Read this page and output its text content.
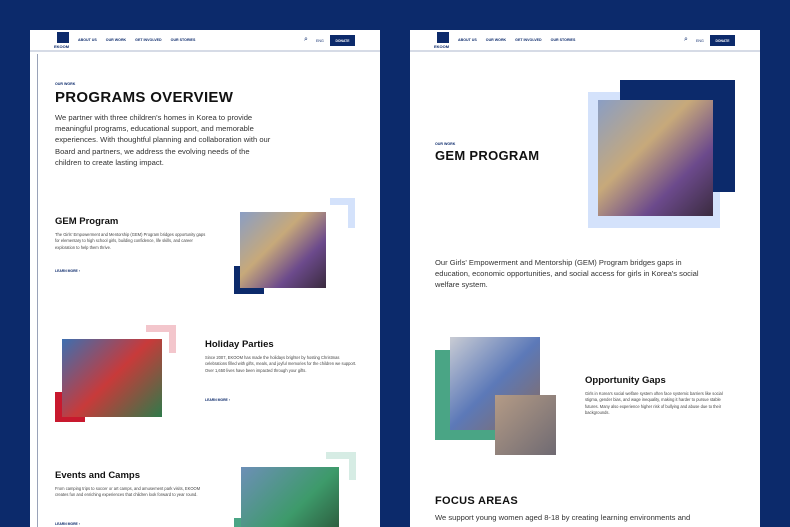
EKOOM
ABOUT US	OUR WORK	GET INVOLVED	OUR STORIES	⌕ ENG	DONATE
OUR WORK
PROGRAMS OVERVIEW
We partner with three children's homes in Korea to provide meaningful programs, educational support, and memorable experiences. With thoughtful planning and collaboration with our Board and partners, we address the evolving needs of the children to create lasting impact.
GEM Program
The Girls' Empowerment and Mentorship (GEM) Program bridges opportunity gaps for elementary to high school girls, building confidence, life skills, and career exploration to help them thrive.
LEARN MORE ›
Holiday Parties
Since 2007, EKOOM has made the holidays brighter by hosting Christmas celebrations filled with gifts, meals, and joyful memories for the children we support. Over 1,650 lives have been impacted through your gifts.
LEARN MORE ›
Events and Camps
From camping trips to soccer or art camps, and amusement park visits, EKOOM creates fun and enriching experiences that children look forward to year round.
LEARN MORE ›
EKOOM
ABOUT US	OUR WORK	GET INVOLVED	OUR STORIES	⌕ ENG	DONATE
OUR WORK
GEM PROGRAM
Our Girls' Empowerment and Mentorship (GEM) Program bridges gaps in education, economic opportunities, and social access for girls in Korea's social welfare system.
Opportunity Gaps
Girls in Korea's social welfare system often face systemic barriers like social stigma, gender bias, and wage inequality, making it harder to pursue stable futures. Many also experience higher risk of bullying and abuse due to their backgrounds.
FOCUS AREAS
We support young women aged 8-18 by creating learning environments and
